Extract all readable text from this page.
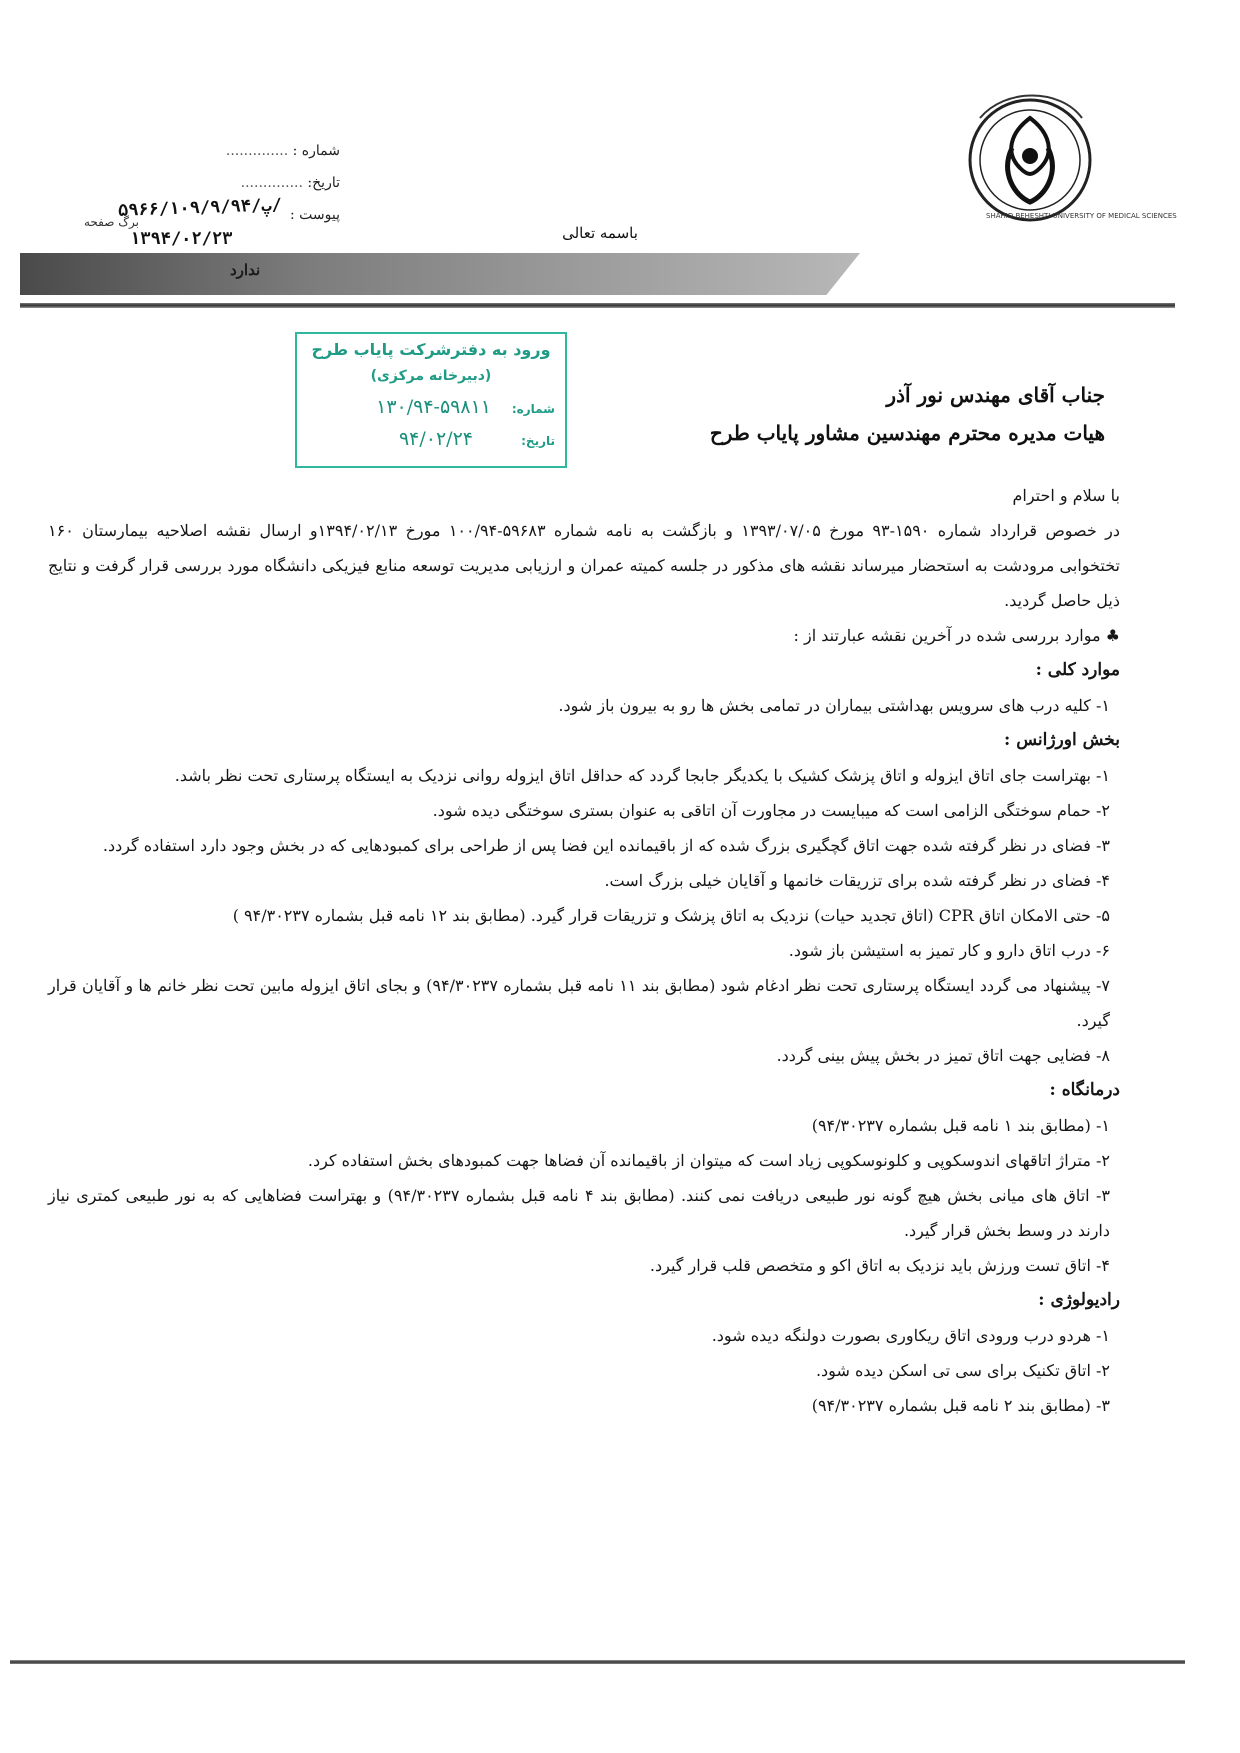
SHAHID BEHESHTI UNIVERSITY OF MEDICAL SCIENCES
شماره : ..............
تاریخ: ..............
پیوست :
۵۹۶۶/۱۰۹/۹/پ/۹۴/
برگ صفحه
۱۳۹۴/۰۲/۲۳	باسمه تعالی
ندارد
ورود به دفترشرکت پایاب طرح
(دبیرخانه مرکزی)
شماره:
۱۳۰/۹۴-۵۹۸۱۱
تاریخ:
۹۴/۰۲/۲۴
جناب آقای مهندس نور آذر
هیات مدیره محترم مهندسین مشاور پایاب طرح

با سلام و احترام

در خصوص قرارداد شماره ۱۵۹۰-۹۳ مورخ ۱۳۹۳/۰۷/۰۵ و بازگشت به نامه شماره ۵۹۶۸۳-۱۰۰/۹۴ مورخ ۱۳۹۴/۰۲/۱۳و ارسال نقشه اصلاحیه بیمارستان ۱۶۰ تختخوابی مرودشت به استحضار میرساند نقشه های مذکور در جلسه کمیته عمران و ارزیابی مدیریت توسعه منابع فیزیکی دانشگاه مورد بررسی قرار گرفت و نتایج ذیل حاصل گردید.

♣ موارد بررسی شده در آخرین نقشه عبارتند از :

موارد کلی :

۱- کلیه درب های سرویس بهداشتی بیماران در تمامی بخش ها رو به بیرون باز شود.

بخش اورژانس :

۱- بهتراست جای اتاق ایزوله و اتاق پزشک کشیک با یکدیگر جابجا گردد که حداقل اتاق ایزوله روانی نزدیک به ایستگاه پرستاری تحت نظر باشد.

۲- حمام سوختگی الزامی است که میبایست در مجاورت آن اتاقی به عنوان بستری سوختگی دیده شود.

۳- فضای در نظر گرفته شده جهت اتاق گچگیری بزرگ شده که از باقیمانده این فضا پس از طراحی برای کمبودهایی که در بخش وجود دارد استفاده گردد.

۴- فضای در نظر گرفته شده برای تزریقات خانمها و آقایان خیلی بزرگ است.

۵- حتی الامکان اتاق CPR (اتاق تجدید حیات) نزدیک به اتاق پزشک و تزریقات قرار گیرد. (مطابق بند ۱۲ نامه قبل بشماره ۹۴/۳۰۲۳۷ )

۶- درب اتاق دارو و کار تمیز به استیشن باز شود.

۷- پیشنهاد می گردد ایستگاه پرستاری تحت نظر ادغام شود (مطابق بند ۱۱ نامه قبل بشماره ۹۴/۳۰۲۳۷) و بجای اتاق ایزوله مابین تحت نظر خانم ها و آقایان قرار گیرد.

۸- فضایی جهت اتاق تمیز در بخش پیش بینی گردد.

درمانگاه :

۱- (مطابق بند ۱ نامه قبل بشماره ۹۴/۳۰۲۳۷)

۲- متراژ اتاقهای اندوسکوپی و کلونوسکوپی زیاد است که میتوان از باقیمانده آن فضاها جهت کمبودهای بخش استفاده کرد.

۳- اتاق های میانی بخش هیچ گونه نور طبیعی دریافت نمی کنند. (مطابق بند ۴ نامه قبل بشماره ۹۴/۳۰۲۳۷) و بهتراست فضاهایی که به نور طبیعی کمتری نیاز دارند در وسط بخش قرار گیرد.

۴- اتاق تست ورزش باید نزدیک به اتاق اکو و متخصص قلب قرار گیرد.

رادیولوژی :

۱- هردو درب ورودی اتاق ریکاوری بصورت دولنگه دیده شود.

۲- اتاق تکنیک برای سی تی اسکن دیده شود.

۳- (مطابق بند ۲ نامه قبل بشماره ۹۴/۳۰۲۳۷)
